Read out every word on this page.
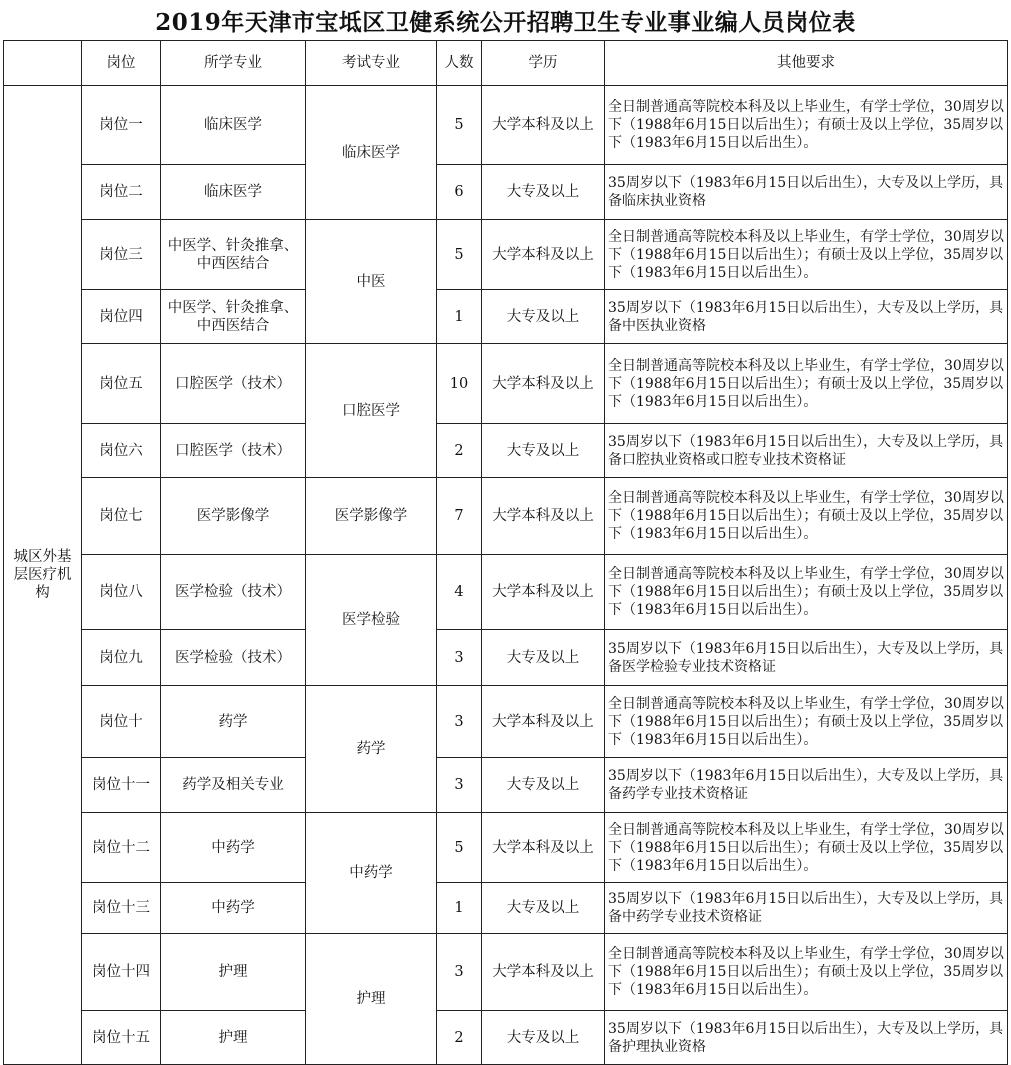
2019年天津市宝坻区卫健系统公开招聘卫生专业事业编人员岗位表
	岗位	所学专业	考试专业	人数	学历	其他要求
城区外基层医疗机构	岗位一	临床医学	临床医学	5	大学本科及以上	全日制普通高等院校本科及以上毕业生，有学士学位，30周岁以下（1988年6月15日以后出生）；有硕士及以上学位，35周岁以下（1983年6月15日以后出生）。
	岗位二	临床医学		6	大专及以上	35周岁以下（1983年6月15日以后出生），大专及以上学历，具备临床执业资格
	岗位三	中医学、针灸推拿、中西医结合	中医	5	大学本科及以上	全日制普通高等院校本科及以上毕业生，有学士学位，30周岁以下（1988年6月15日以后出生）；有硕士及以上学位，35周岁以下（1983年6月15日以后出生）。
	岗位四	中医学、针灸推拿、中西医结合		1	大专及以上	35周岁以下（1983年6月15日以后出生），大专及以上学历，具备中医执业资格
	岗位五	口腔医学（技术）	口腔医学	10	大学本科及以上	全日制普通高等院校本科及以上毕业生，有学士学位，30周岁以下（1988年6月15日以后出生）；有硕士及以上学位，35周岁以下（1983年6月15日以后出生）。
	岗位六	口腔医学（技术）		2	大专及以上	35周岁以下（1983年6月15日以后出生），大专及以上学历，具备口腔执业资格或口腔专业技术资格证
	岗位七	医学影像学	医学影像学	7	大学本科及以上	全日制普通高等院校本科及以上毕业生，有学士学位，30周岁以下（1988年6月15日以后出生）；有硕士及以上学位，35周岁以下（1983年6月15日以后出生）。
	岗位八	医学检验（技术）	医学检验	4	大学本科及以上	全日制普通高等院校本科及以上毕业生，有学士学位，30周岁以下（1988年6月15日以后出生）；有硕士及以上学位，35周岁以下（1983年6月15日以后出生）。
	岗位九	医学检验（技术）		3	大专及以上	35周岁以下（1983年6月15日以后出生），大专及以上学历，具备医学检验专业技术资格证
	岗位十	药学	药学	3	大学本科及以上	全日制普通高等院校本科及以上毕业生，有学士学位，30周岁以下（1988年6月15日以后出生）；有硕士及以上学位，35周岁以下（1983年6月15日以后出生）。
	岗位十一	药学及相关专业		3	大专及以上	35周岁以下（1983年6月15日以后出生），大专及以上学历，具备药学专业技术资格证
	岗位十二	中药学	中药学	5	大学本科及以上	全日制普通高等院校本科及以上毕业生，有学士学位，30周岁以下（1988年6月15日以后出生）；有硕士及以上学位，35周岁以下（1983年6月15日以后出生）。
	岗位十三	中药学		1	大专及以上	35周岁以下（1983年6月15日以后出生），大专及以上学历，具备中药学专业技术资格证
	岗位十四	护理	护理	3	大学本科及以上	全日制普通高等院校本科及以上毕业生，有学士学位，30周岁以下（1988年6月15日以后出生）；有硕士及以上学位，35周岁以下（1983年6月15日以后出生）。
	岗位十五	护理		2	大专及以上	35周岁以下（1983年6月15日以后出生），大专及以上学历，具备护理执业资格
